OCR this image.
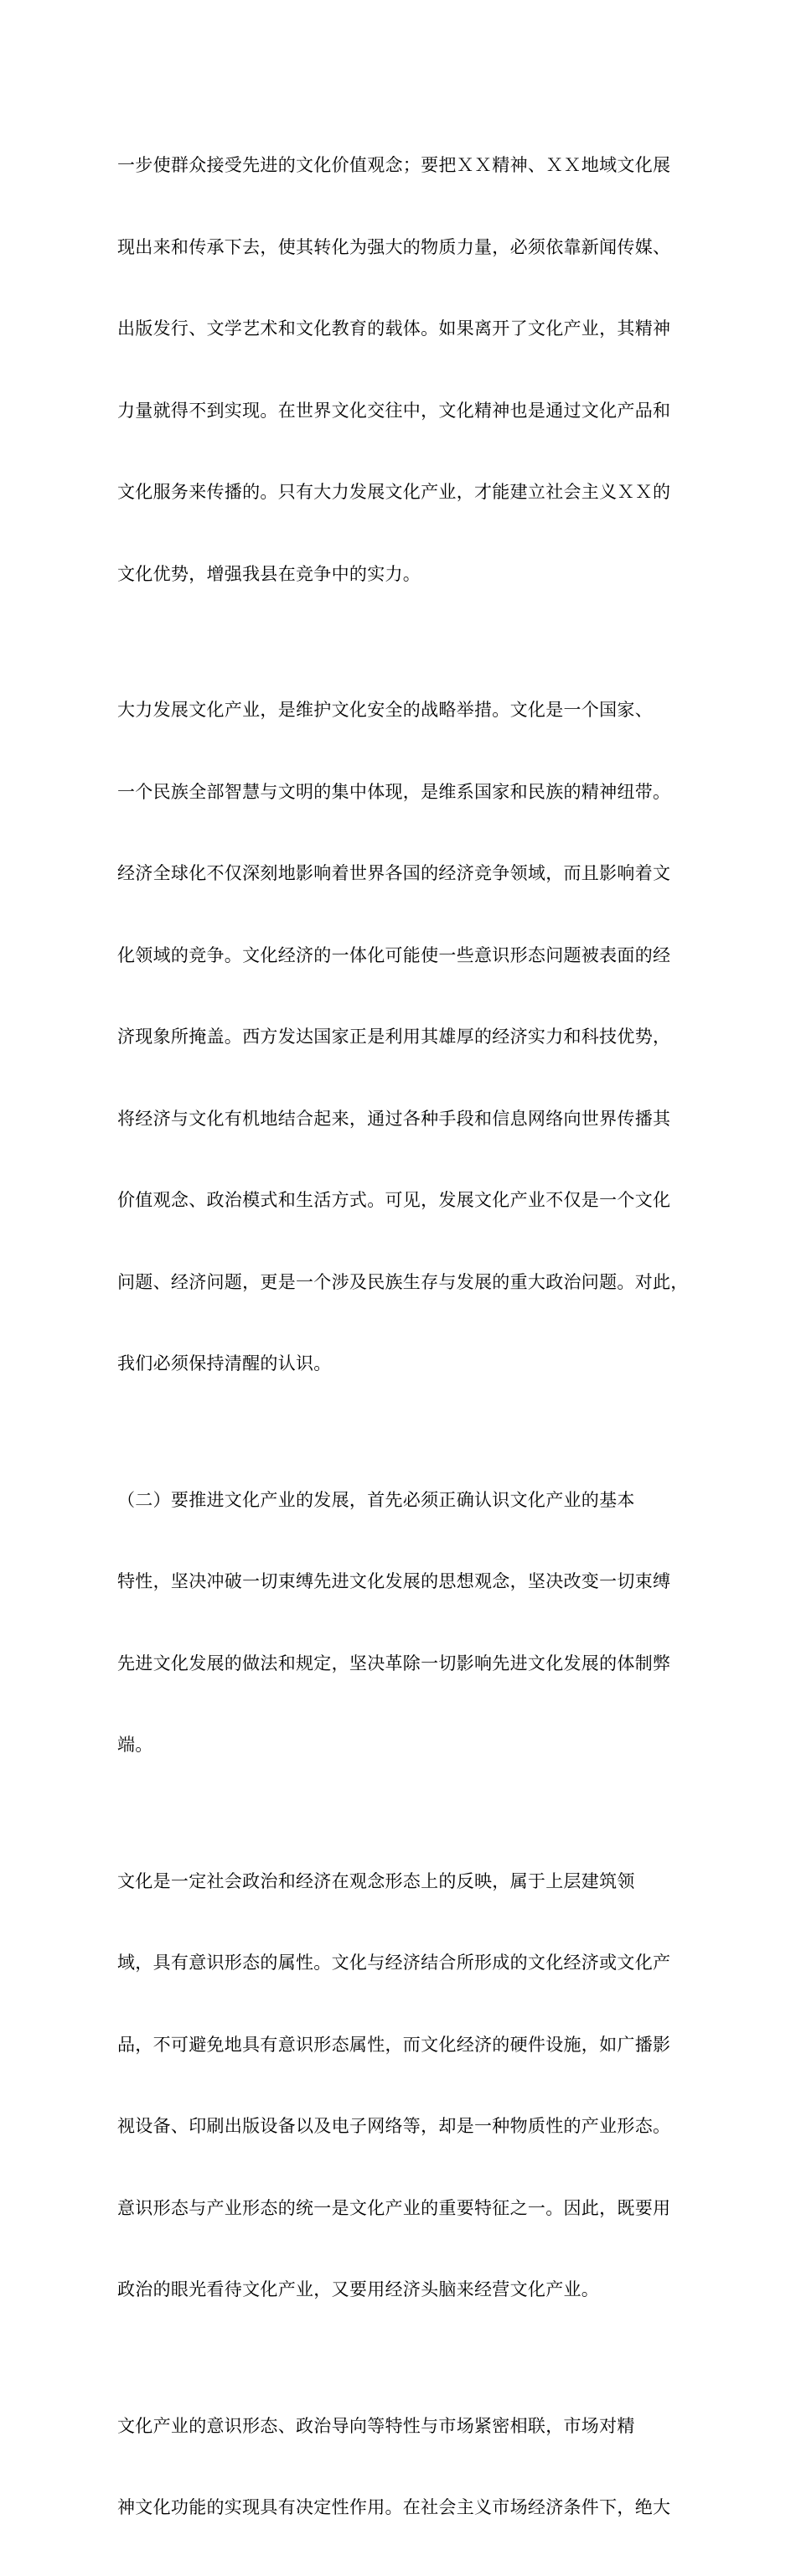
一步使群众接受先进的文化价值观念；要把ＸＸ精神、ＸＸ地域文化展

现出来和传承下去，使其转化为强大的物质力量，必须依靠新闻传媒、

出版发行、文学艺术和文化教育的载体。如果离开了文化产业，其精神

力量就得不到实现。在世界文化交往中，文化精神也是通过文化产品和

文化服务来传播的。只有大力发展文化产业，才能建立社会主义ＸＸ的

文化优势，增强我县在竞争中的实力。

大力发展文化产业，是维护文化安全的战略举措。文化是一个国家、

一个民族全部智慧与文明的集中体现，是维系国家和民族的精神纽带。

经济全球化不仅深刻地影响着世界各国的经济竞争领域，而且影响着文

化领域的竞争。文化经济的一体化可能使一些意识形态问题被表面的经

济现象所掩盖。西方发达国家正是利用其雄厚的经济实力和科技优势，

将经济与文化有机地结合起来，通过各种手段和信息网络向世界传播其

价值观念、政治模式和生活方式。可见，发展文化产业不仅是一个文化

问题、经济问题，更是一个涉及民族生存与发展的重大政治问题。对此，

我们必须保持清醒的认识。

（二）要推进文化产业的发展，首先必须正确认识文化产业的基本

特性，坚决冲破一切束缚先进文化发展的思想观念，坚决改变一切束缚

先进文化发展的做法和规定，坚决革除一切影响先进文化发展的体制弊

端。

文化是一定社会政治和经济在观念形态上的反映，属于上层建筑领

域，具有意识形态的属性。文化与经济结合所形成的文化经济或文化产

品，不可避免地具有意识形态属性，而文化经济的硬件设施，如广播影

视设备、印刷出版设备以及电子网络等，却是一种物质性的产业形态。

意识形态与产业形态的统一是文化产业的重要特征之一。因此，既要用

政治的眼光看待文化产业，又要用经济头脑来经营文化产业。

文化产业的意识形态、政治导向等特性与市场紧密相联，市场对精

神文化功能的实现具有决定性作用。在社会主义市场经济条件下，绝大
